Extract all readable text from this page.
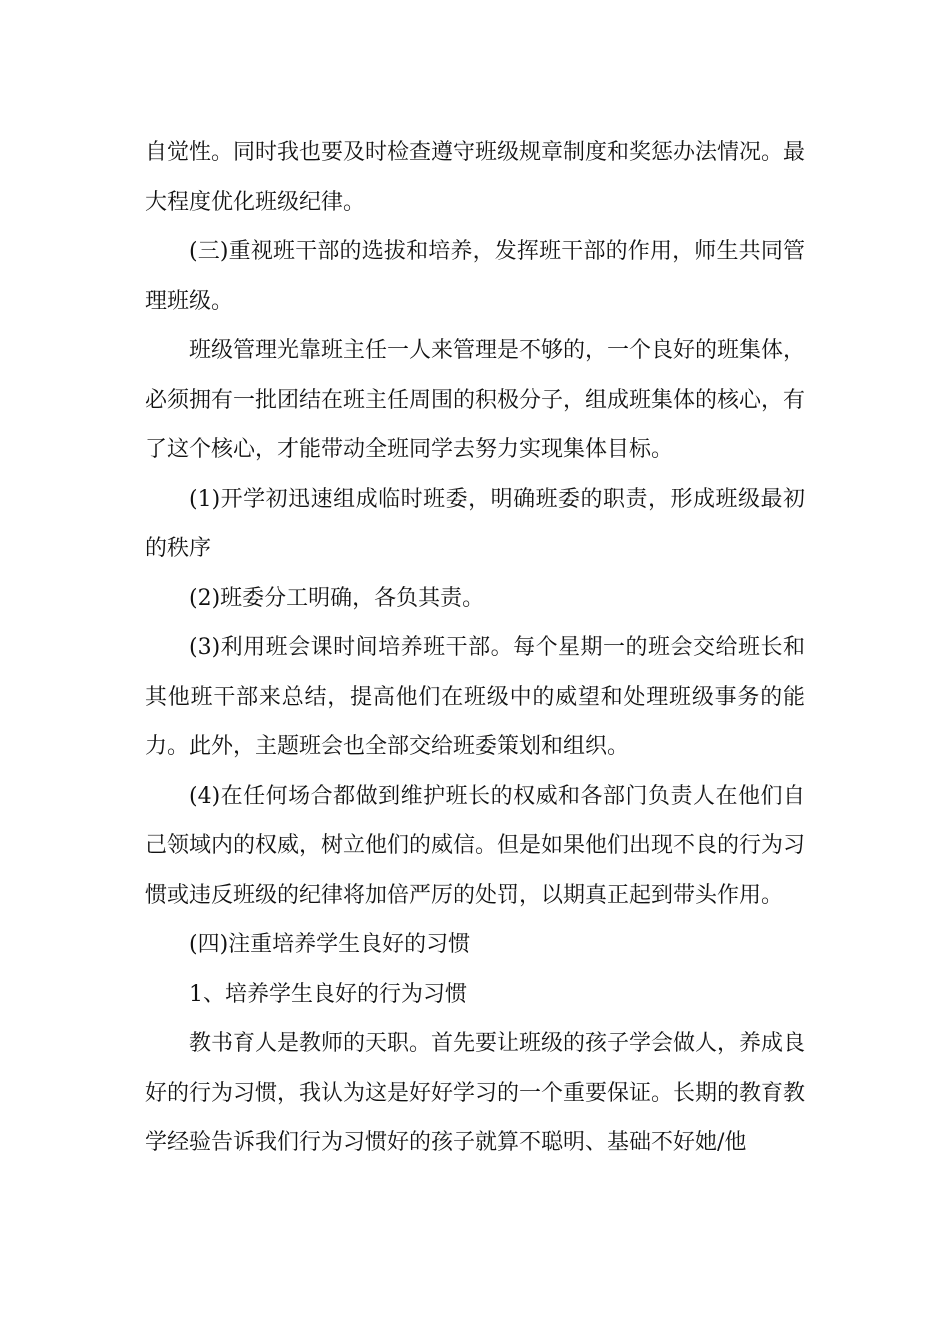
自觉性。同时我也要及时检查遵守班级规章制度和奖惩办法情况。最大程度优化班级纪律。

(三)重视班干部的选拔和培养，发挥班干部的作用，师生共同管理班级。

班级管理光靠班主任一人来管理是不够的，一个良好的班集体，必须拥有一批团结在班主任周围的积极分子，组成班集体的核心，有了这个核心，才能带动全班同学去努力实现集体目标。

(1)开学初迅速组成临时班委，明确班委的职责，形成班级最初的秩序

(2)班委分工明确，各负其责。

(3)利用班会课时间培养班干部。每个星期一的班会交给班长和其他班干部来总结，提高他们在班级中的威望和处理班级事务的能力。此外，主题班会也全部交给班委策划和组织。

(4)在任何场合都做到维护班长的权威和各部门负责人在他们自己领域内的权威，树立他们的威信。但是如果他们出现不良的行为习惯或违反班级的纪律将加倍严厉的处罚，以期真正起到带头作用。

(四)注重培养学生良好的习惯

1、培养学生良好的行为习惯

教书育人是教师的天职。首先要让班级的孩子学会做人，养成良好的行为习惯，我认为这是好好学习的一个重要保证。长期的教育教学经验告诉我们行为习惯好的孩子就算不聪明、基础不好她/他
